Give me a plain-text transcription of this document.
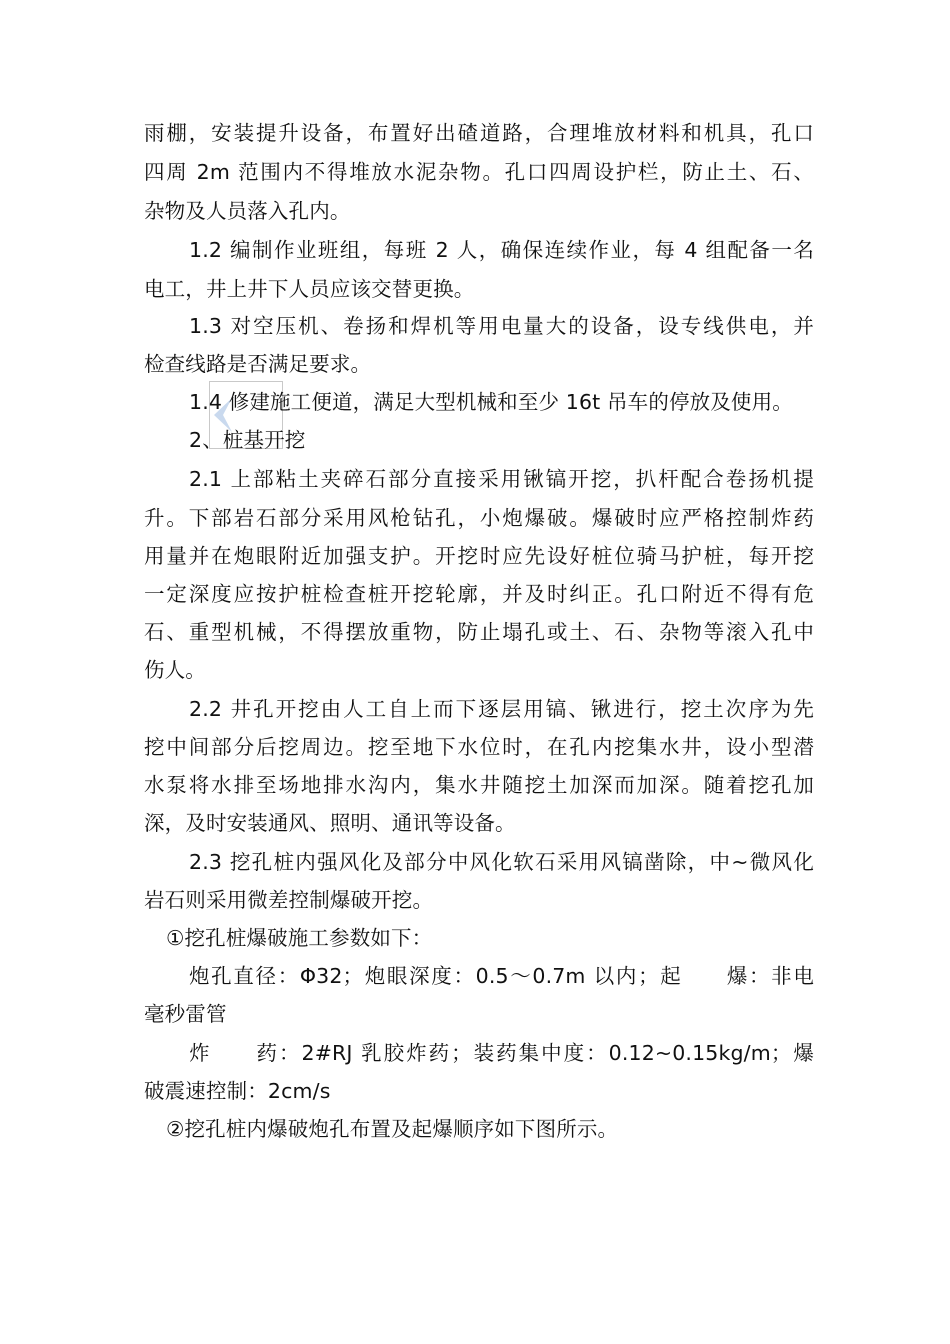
雨棚，安装提升设备，布置好出碴道路，合理堆放材料和机具，孔口
四周 2m 范围内不得堆放水泥杂物。孔口四周设护栏，防止土、石、
杂物及人员落入孔内。
1.2 编制作业班组，每班 2 人，确保连续作业，每 4 组配备一名
电工，井上井下人员应该交替更换。
1.3 对空压机、卷扬和焊机等用电量大的设备，设专线供电，并
检查线路是否满足要求。
1.4 修建施工便道，满足大型机械和至少 16t 吊车的停放及使用。
2、桩基开挖
2.1 上部粘土夹碎石部分直接采用锹镐开挖，扒杆配合卷扬机提
升。下部岩石部分采用风枪钻孔，小炮爆破。爆破时应严格控制炸药
用量并在炮眼附近加强支护。开挖时应先设好桩位骑马护桩，每开挖
一定深度应按护桩检查桩开挖轮廓，并及时纠正。孔口附近不得有危
石、重型机械，不得摆放重物，防止塌孔或土、石、杂物等滚入孔中
伤人。
2.2 井孔开挖由人工自上而下逐层用镐、锹进行，挖土次序为先
挖中间部分后挖周边。挖至地下水位时，在孔内挖集水井，设小型潜
水泵将水排至场地排水沟内，集水井随挖土加深而加深。随着挖孔加
深，及时安装通风、照明、通讯等设备。
2.3 挖孔桩内强风化及部分中风化软石采用风镐凿除，中~微风化
岩石则采用微差控制爆破开挖。
①挖孔桩爆破施工参数如下：
炮孔直径：Φ32；炮眼深度：0.5～0.7m 以内；起　　爆：非电
毫秒雷管
炸　　药：2#RJ 乳胶炸药；装药集中度：0.12~0.15kg/m；爆
破震速控制：2cm/s
②挖孔桩内爆破炮孔布置及起爆顺序如下图所示。
